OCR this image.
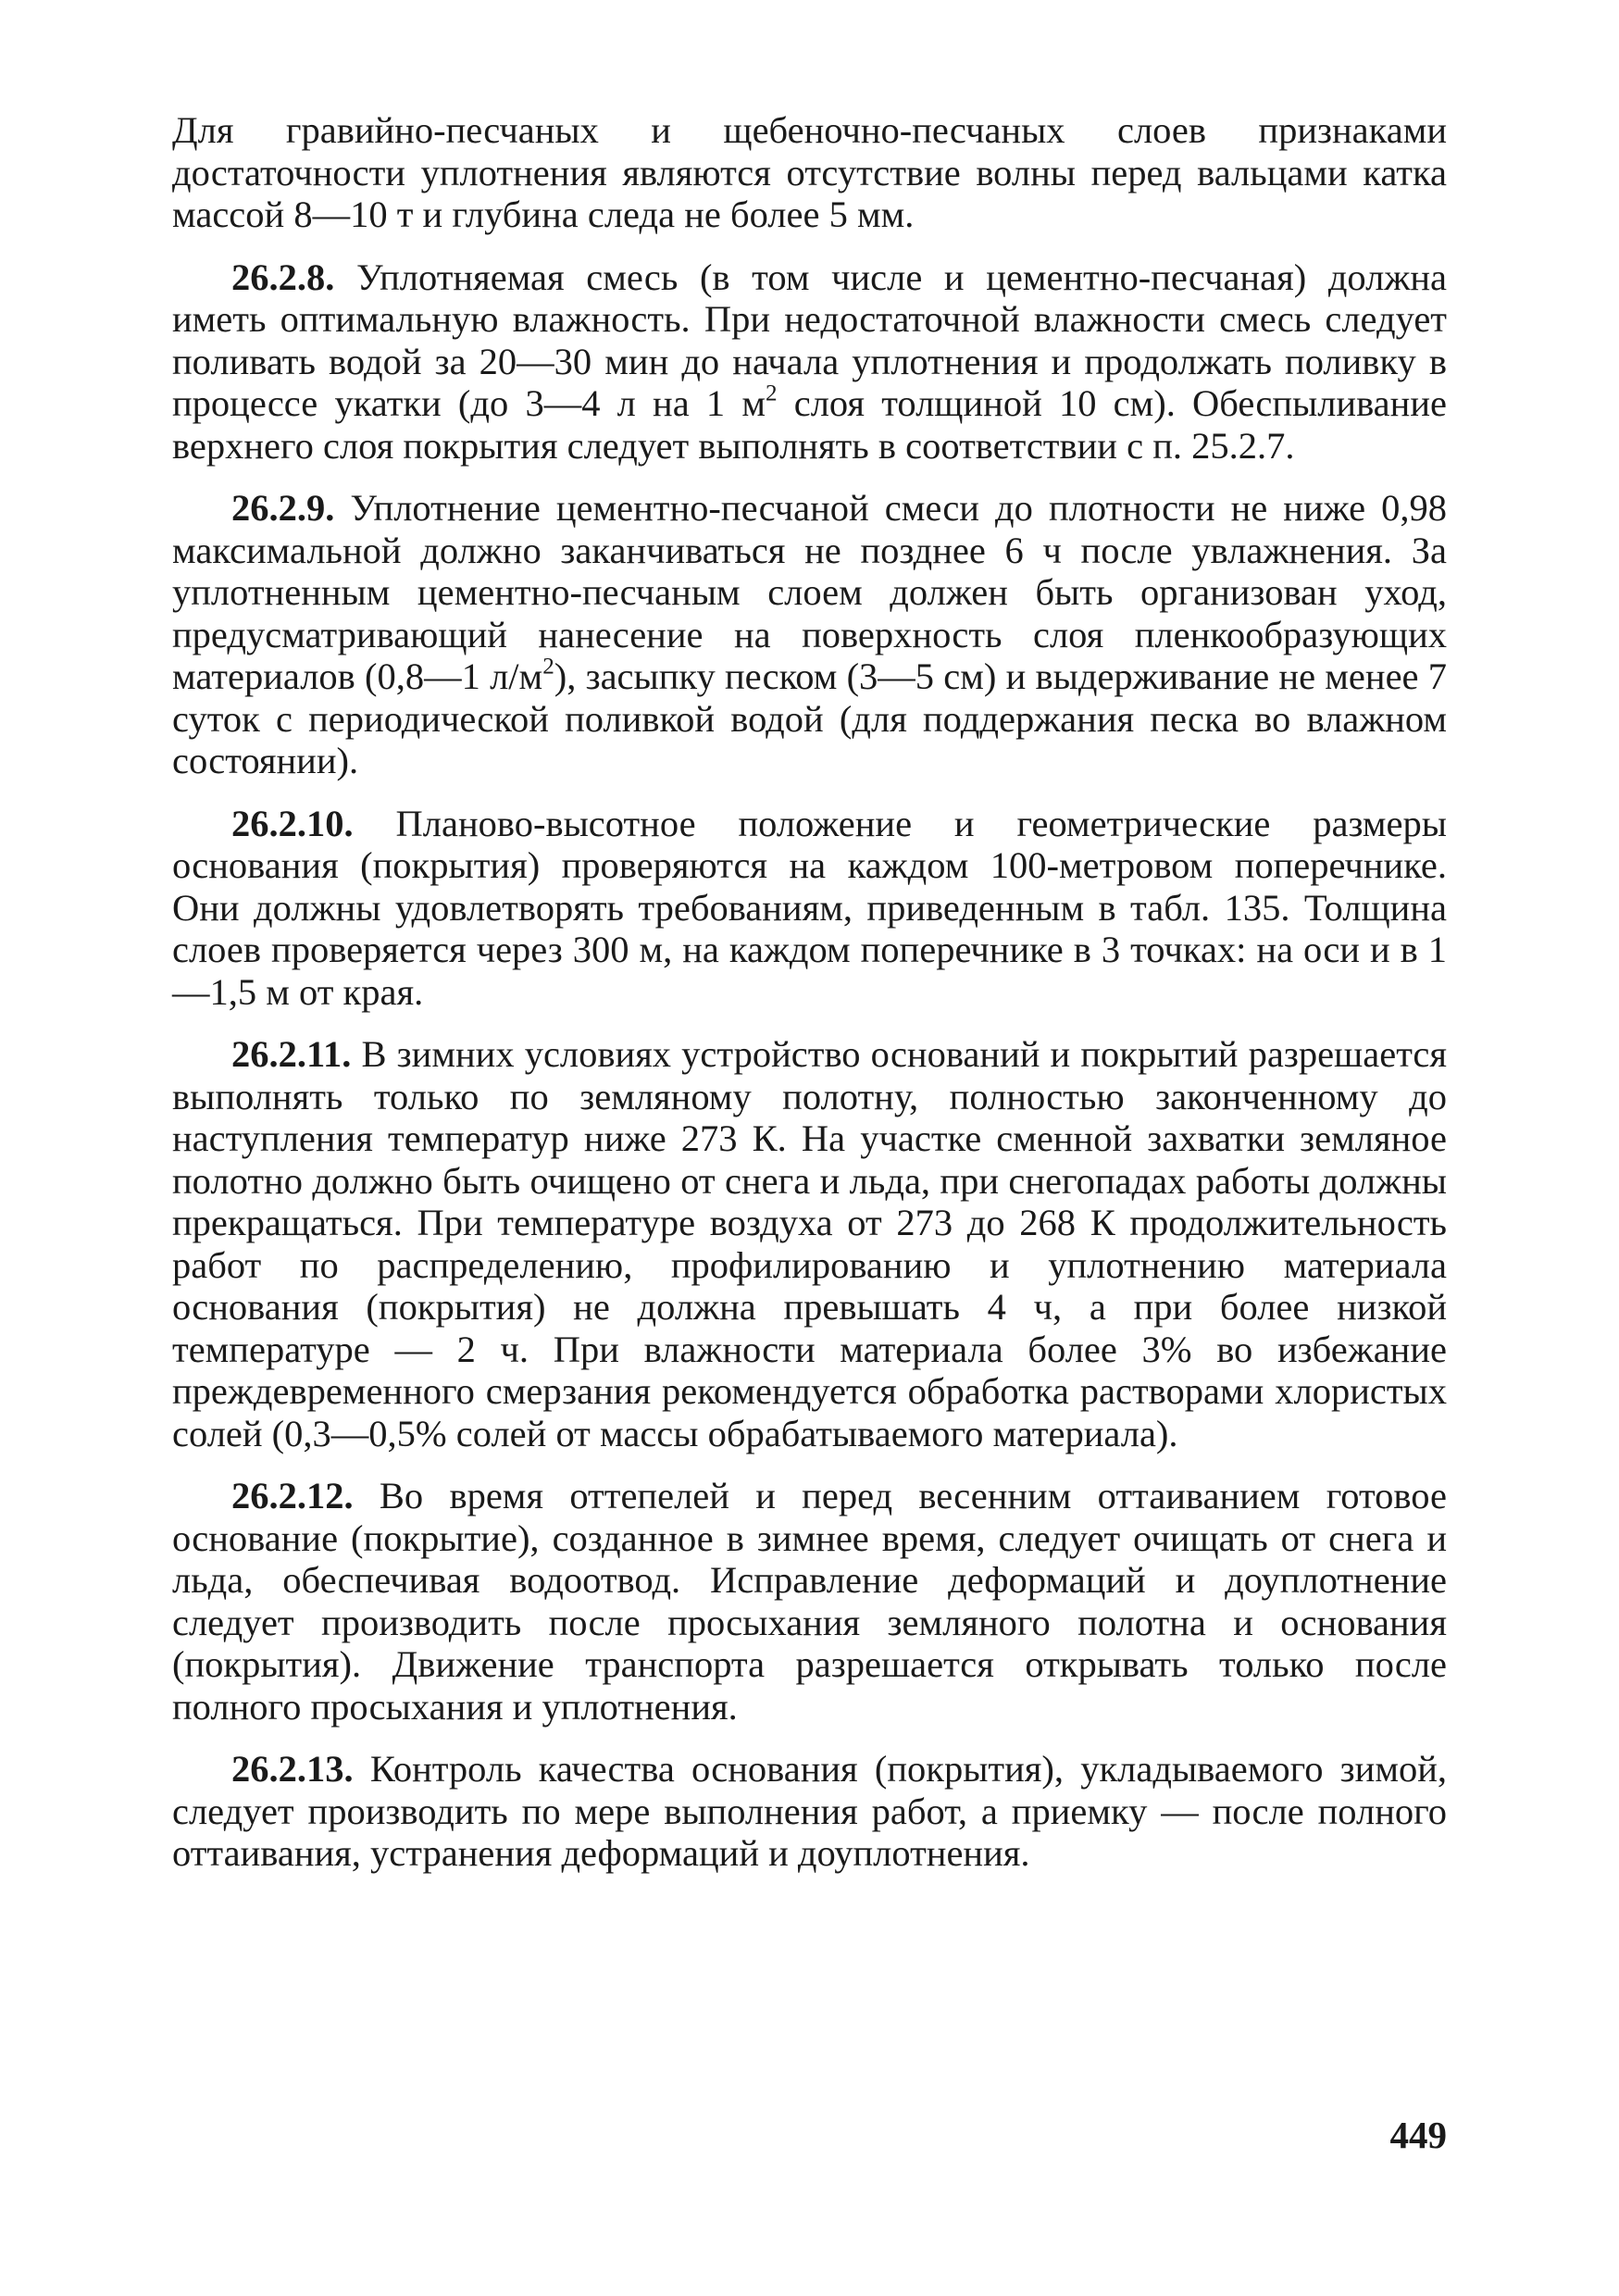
Для гравийно-песчаных и щебеночно-песчаных слоев признаками достаточности уплотнения являются отсутствие волны перед вальцами катка массой 8—10 т и глубина следа не более 5 мм.

26.2.8. Уплотняемая смесь (в том числе и цементно-песчаная) должна иметь оптимальную влажность. При недостаточной влажности смесь следует поливать водой за 20—30 мин до начала уплотнения и продолжать поливку в процессе укатки (до 3—4 л на 1 $м^2$ слоя толщиной 10 см). Обеспыливание верхнего слоя покрытия следует выполнять в соответствии с п. 25.2.7.

26.2.9. Уплотнение цементно-песчаной смеси до плотности не ниже 0,98 максимальной должно заканчиваться не позднее 6 ч после увлажнения. За уплотненным цементно-песчаным слоем должен быть организован уход, предусматривающий нанесение на поверхность слоя пленкообразующих материалов (0,8—1 $л/м^2$), засыпку песком (3—5 см) и выдерживание не менее 7 суток с периодической поливкой водой (для поддержания песка во влажном состоянии).

26.2.10. Планово-высотное положение и геометрические размеры основания (покрытия) проверяются на каждом 100-метровом поперечнике. Они должны удовлетворять требованиям, приведенным в табл. 135. Толщина слоев проверяется через 300 м, на каждом поперечнике в 3 точках: на оси и в 1—1,5 м от края.

26.2.11. В зимних условиях устройство оснований и покрытий разрешается выполнять только по земляному полотну, полностью законченному до наступления температур ниже 273 К. На участке сменной захватки земляное полотно должно быть очищено от снега и льда, при снегопадах работы должны прекращаться. При температуре воздуха от 273 до 268 К продолжительность работ по распределению, профилированию и уплотнению материала основания (покрытия) не должна превышать 4 ч, а при более низкой температуре — 2 ч. При влажности материала более 3% во избежание преждевременного смерзания рекомендуется обработка растворами хлористых солей (0,3—0,5% солей от массы обрабатываемого материала).

26.2.12. Во время оттепелей и перед весенним оттаиванием готовое основание (покрытие), созданное в зимнее время, следует очищать от снега и льда, обеспечивая водоотвод. Исправление деформаций и доуплотнение следует производить после просыхания земляного полотна и основания (покрытия). Движение транспорта разрешается открывать только после полного просыхания и уплотнения.

26.2.13. Контроль качества основания (покрытия), укладываемого зимой, следует производить по мере выполнения работ, а приемку — после полного оттаивания, устранения деформаций и доуплотнения.

449
